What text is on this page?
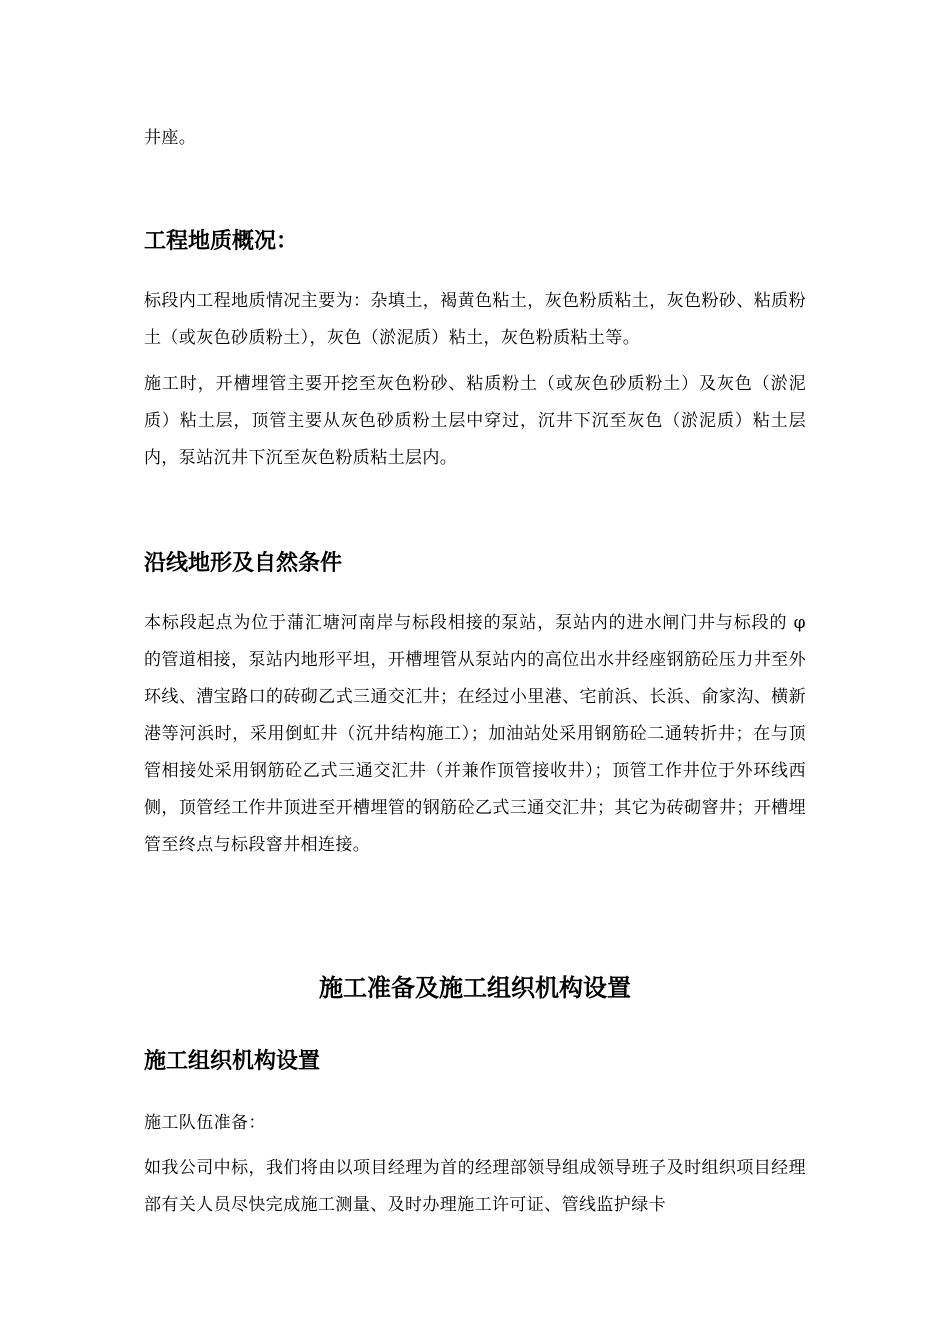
井座。

工程地质概况：

标段内工程地质情况主要为：杂填土，褐黄色粘土，灰色粉质粘土，灰色粉砂、粘质粉土（或灰色砂质粉土），灰色（淤泥质）粘土，灰色粉质粘土等。

施工时，开槽埋管主要开挖至灰色粉砂、粘质粉土（或灰色砂质粉土）及灰色（淤泥质）粘土层，顶管主要从灰色砂质粉土层中穿过，沉井下沉至灰色（淤泥质）粘土层内，泵站沉井下沉至灰色粉质粘土层内。

沿线地形及自然条件

本标段起点为位于蒲汇塘河南岸与标段相接的泵站，泵站内的进水闸门井与标段的 φ 的管道相接，泵站内地形平坦，开槽埋管从泵站内的高位出水井经座钢筋砼压力井至外环线、漕宝路口的砖砌乙式三通交汇井；在经过小里港、宅前浜、长浜、俞家沟、横新港等河浜时，采用倒虹井（沉井结构施工）；加油站处采用钢筋砼二通转折井；在与顶管相接处采用钢筋砼乙式三通交汇井（并兼作顶管接收井）；顶管工作井位于外环线西侧，顶管经工作井顶进至开槽埋管的钢筋砼乙式三通交汇井；其它为砖砌窨井；开槽埋管至终点与标段窨井相连接。

施工准备及施工组织机构设置
施工组织机构设置

施工队伍准备：

如我公司中标，我们将由以项目经理为首的经理部领导组成领导班子及时组织项目经理部有关人员尽快完成施工测量、及时办理施工许可证、管线监护绿卡
